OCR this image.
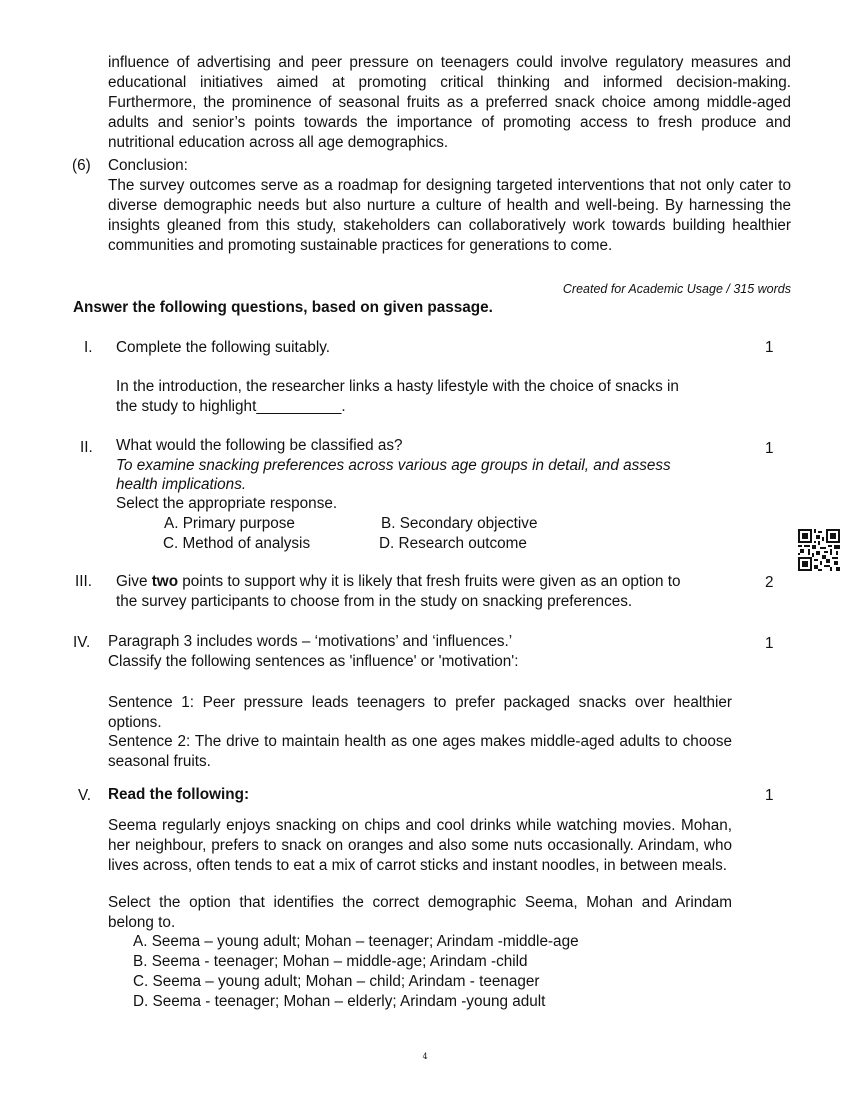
influence of advertising and peer pressure on teenagers could involve regulatory measures and educational initiatives aimed at promoting critical thinking and informed decision-making. Furthermore, the prominence of seasonal fruits as a preferred snack choice among middle-aged adults and senior’s points towards the importance of promoting access to fresh produce and nutritional education across all age demographics.
(6) Conclusion:
The survey outcomes serve as a roadmap for designing targeted interventions that not only cater to diverse demographic needs but also nurture a culture of health and well-being. By harnessing the insights gleaned from this study, stakeholders can collaboratively work towards building healthier communities and promoting sustainable practices for generations to come.
Created for Academic Usage / 315 words
Answer the following questions, based on given passage.
I.	Complete the following suitably.	1
In the introduction, the researcher links a hasty lifestyle with the choice of snacks in
the study to highlight__________.
II.	What would the following be classified as?	1
To examine snacking preferences across various age groups in detail, and assess
health implications.
Select the appropriate response.
A. Primary purpose	B. Secondary objective
C. Method of analysis	D. Research outcome
III.	Give two points to support why it is likely that fresh fruits were given as an option to
the survey participants to choose from in the study on snacking preferences.
2
IV.	Paragraph 3 includes words – ‘motivations’ and ‘influences.’
Classify the following sentences as 'influence' or 'motivation':
1
Sentence 1: Peer pressure leads teenagers to prefer packaged snacks over healthier options.
Sentence 2: The drive to maintain health as one ages makes middle-aged adults to choose seasonal fruits.
V.	Read the following:	1
Seema regularly enjoys snacking on chips and cool drinks while watching movies. Mohan, her neighbour, prefers to snack on oranges and also some nuts occasionally. Arindam, who lives across, often tends to eat a mix of carrot sticks and instant noodles, in between meals.
Select the option that identifies the correct demographic Seema, Mohan and Arindam belong to.
A. Seema – young adult; Mohan – teenager; Arindam -middle-age
B. Seema - teenager; Mohan – middle-age; Arindam -child
C. Seema – young adult; Mohan – child; Arindam - teenager
D. Seema - teenager; Mohan – elderly; Arindam -young adult
4
